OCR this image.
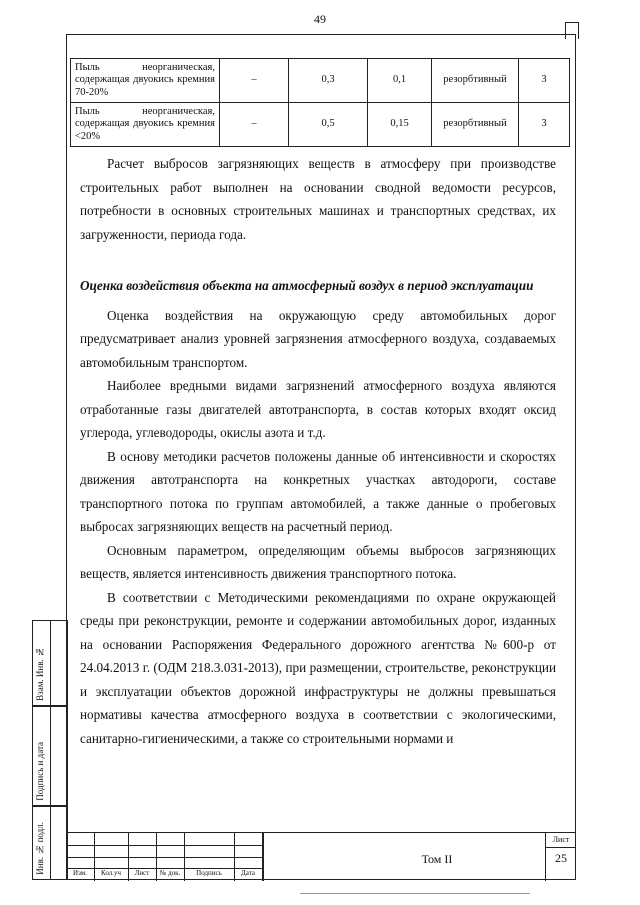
49
Пыль неорганическая, содержащая двуокись кремния 70-20%	–	0,3	0,1	резорбтивный	3
Пыль неорганическая, содержащая двуокись кремния <20%	–	0,5	0,15	резорбтивный	3

Расчет выбросов загрязняющих веществ в атмосферу при производстве строительных работ выполнен на основании сводной ведомости ресурсов, потребности в основных строительных машинах и транспортных средствах, их загруженности, периода года.

Оценка воздействия объекта на атмосферный воздух в период эксплуатации

Оценка воздействия на окружающую среду автомобильных дорог предусматривает анализ уровней загрязнения атмосферного воздуха, создаваемых автомобильным транспортом.

Наиболее вредными видами загрязнений атмосферного воздуха являются отработанные газы двигателей автотранспорта, в состав которых входят оксид углерода, углеводороды, окислы азота и т.д.

В основу методики расчетов положены данные об интенсивности и скоростях движения автотранспорта на конкретных участках автодороги, составе транспортного потока по группам автомобилей, а также данные о пробеговых выбросах загрязняющих веществ на расчетный период.

Основным параметром, определяющим объемы выбросов загрязняющих веществ, является интенсивность движения транспортного потока.

В соответствии с Методическими рекомендациями по охране окружающей среды при реконструкции, ремонте и содержании автомобильных дорог, изданных на основании Распоряжения Федерального дорожного агентства №600-р от 24.04.2013 г. (ОДМ 218.3.031-2013), при размещении, строительстве, реконструкции и эксплуатации объектов дорожной инфраструктуры не должны превышаться нормативы качества атмосферного воздуха в соответствии с экологическими, санитарно-гигиеническими, а также со строительными нормами и

Взам. Инв. №
Подпись и дата
Инв. № подл.	Изм.	Кол.уч	Лист	№ док.	Подпись	Дата
Том II
Лист
25
